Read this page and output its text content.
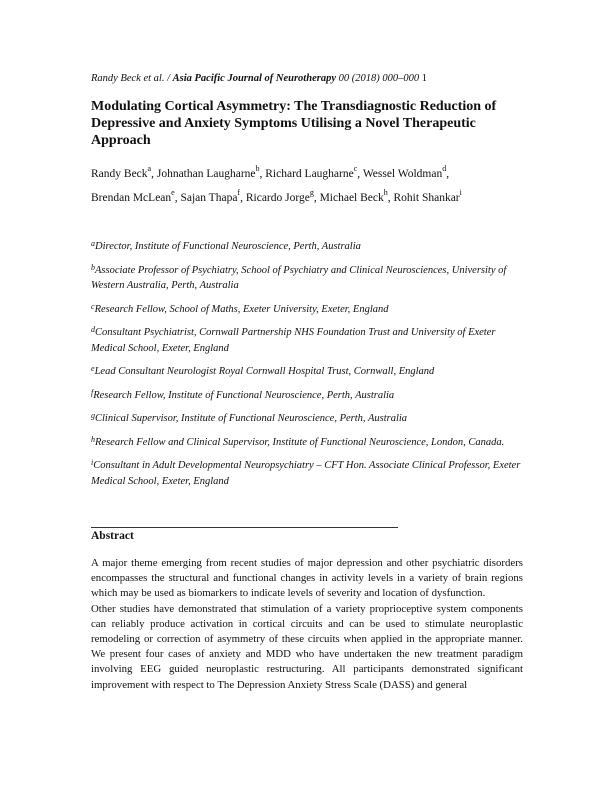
Randy Beck et al. / Asia Pacific Journal of Neurotherapy 00 (2018) 000–000 1
Modulating Cortical Asymmetry: The Transdiagnostic Reduction of Depressive and Anxiety Symptoms Utilising a Novel Therapeutic Approach
Randy Beck$^a$, Johnathan Laugharne$^b$, Richard Laugharne$^c$, Wessel Woldman$^d$,
Brendan McLean$^e$, Sajan Thapa$^f$, Ricardo Jorge$^g$, Michael Beck$^h$, Rohit Shankar$^i$

$^a$Director, Institute of Functional Neuroscience, Perth, Australia

$^b$Associate Professor of Psychiatry, School of Psychiatry and Clinical Neurosciences, University of Western Australia, Perth, Australia

$^c$Research Fellow, School of Maths, Exeter University, Exeter, England

$^d$Consultant Psychiatrist, Cornwall Partnership NHS Foundation Trust and University of Exeter Medical School, Exeter, England

$^e$Lead Consultant Neurologist Royal Cornwall Hospital Trust, Cornwall, England

$^f$Research Fellow, Institute of Functional Neuroscience, Perth, Australia

$^g$Clinical Supervisor, Institute of Functional Neuroscience, Perth, Australia

$^h$Research Fellow and Clinical Supervisor, Institute of Functional Neuroscience, London, Canada.

$^i$Consultant in Adult Developmental Neuropsychiatry – CFT Hon. Associate Clinical Professor, Exeter Medical School, Exeter, England

Abstract

A major theme emerging from recent studies of major depression and other psychiatric disorders encompasses the structural and functional changes in activity levels in a variety of brain regions which may be used as biomarkers to indicate levels of severity and location of dysfunction.

Other studies have demonstrated that stimulation of a variety proprioceptive system components can reliably produce activation in cortical circuits and can be used to stimulate neuroplastic remodeling or correction of asymmetry of these circuits when applied in the appropriate manner. We present four cases of anxiety and MDD who have undertaken the new treatment paradigm involving EEG guided neuroplastic restructuring. All participants demonstrated significant improvement with respect to The Depression Anxiety Stress Scale (DASS) and general
